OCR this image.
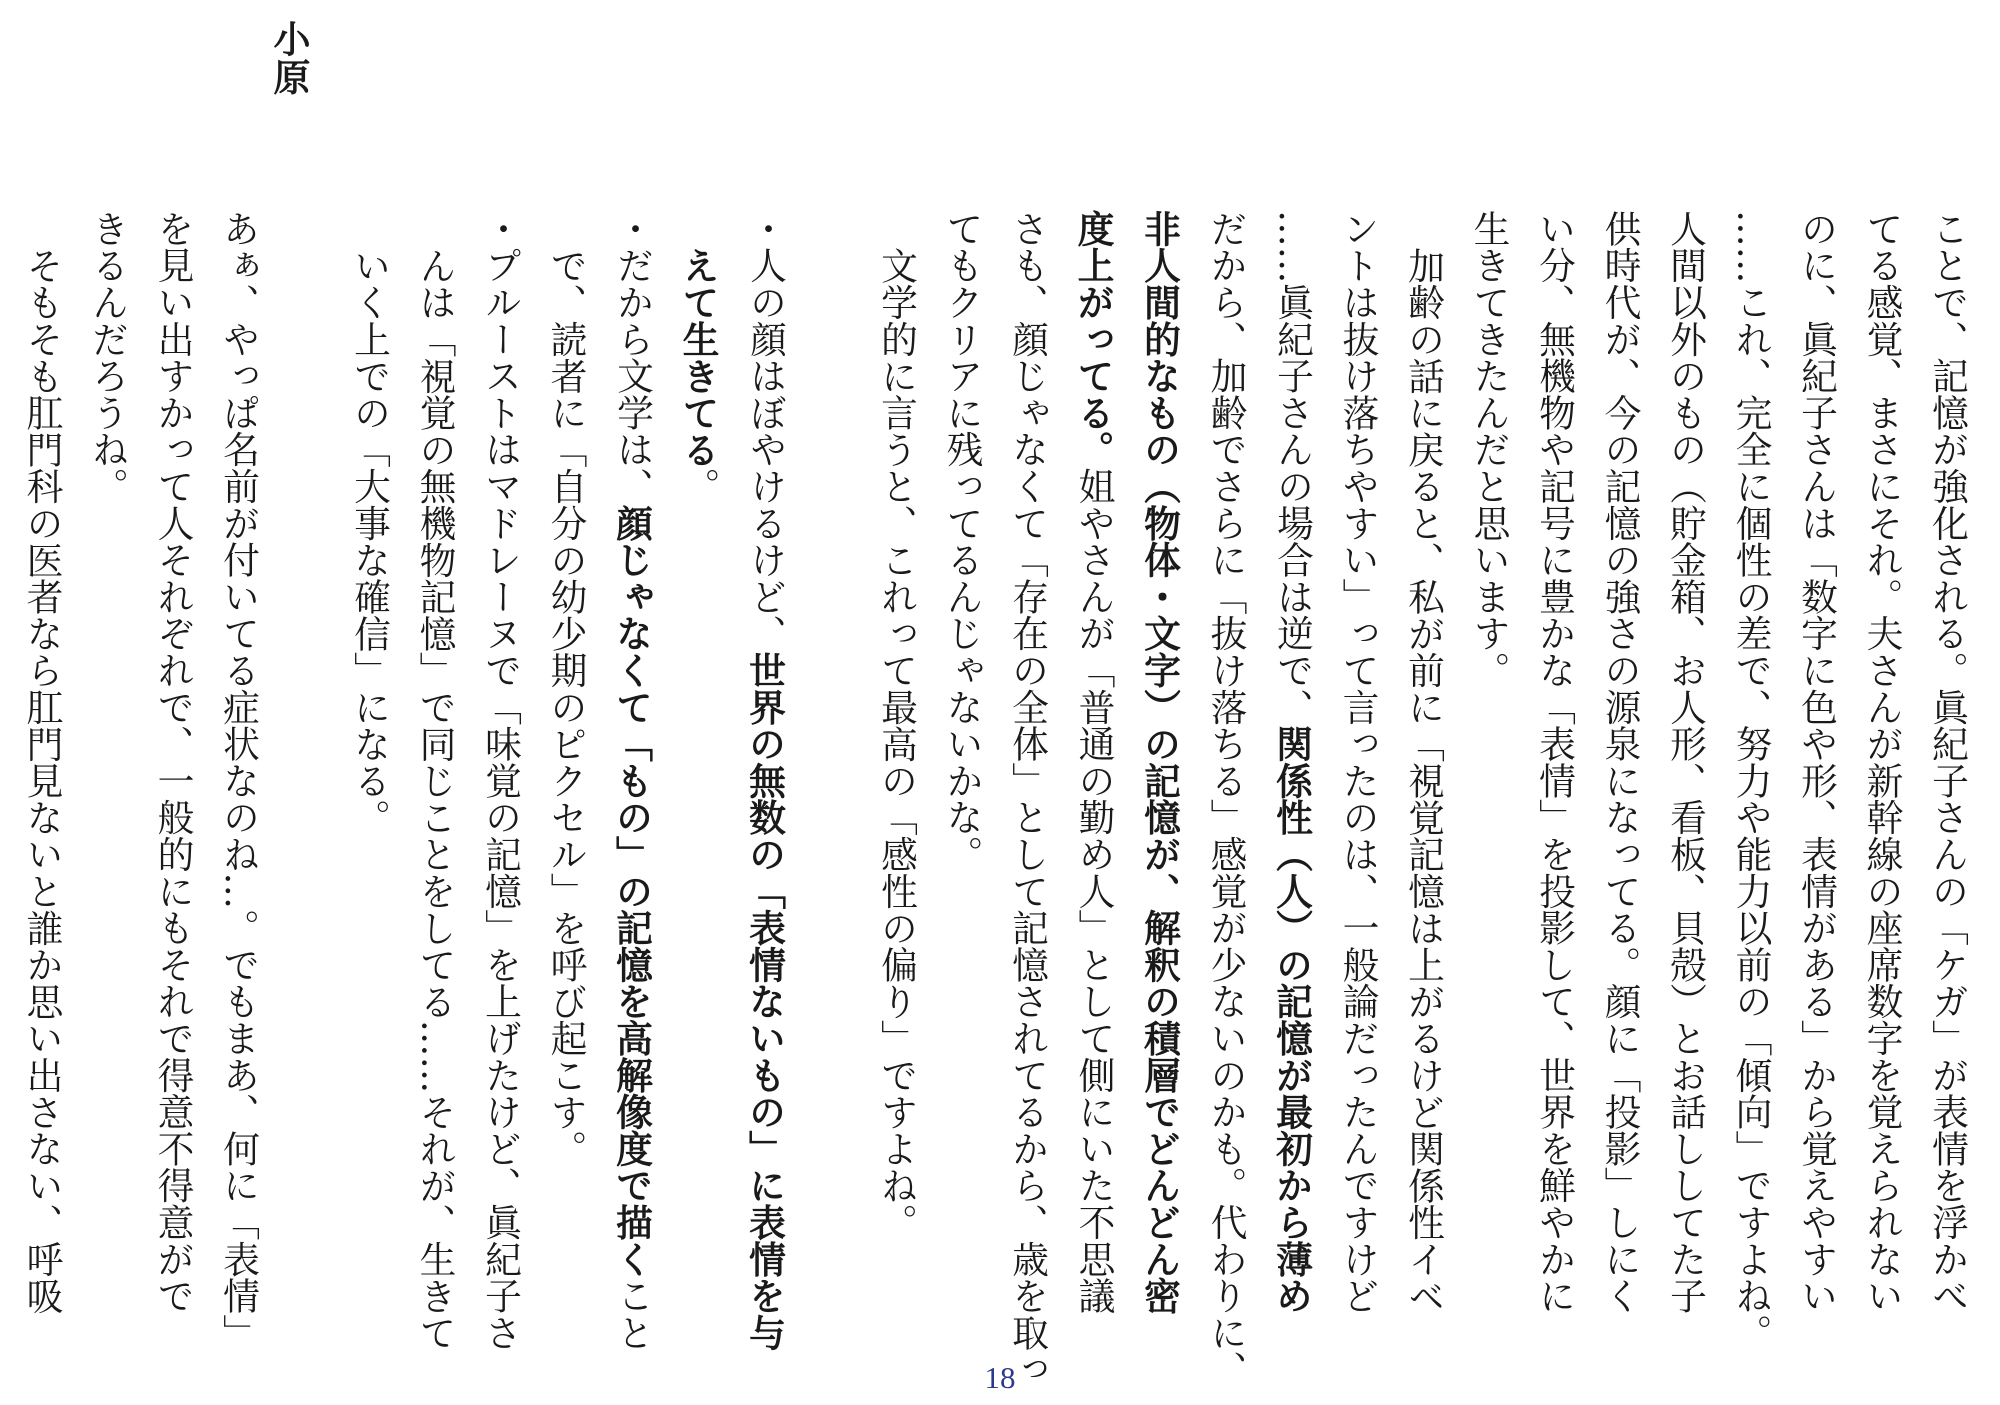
小原
ことで、記憶が強化される。眞紀子さんの「ケガ」が表情を浮かべ
てる感覚、まさにそれ。夫さんが新幹線の座席数字を覚えられない
のに、眞紀子さんは「数字に色や形、表情がある」から覚えやすい
……これ、完全に個性の差で、努力や能力以前の「傾向」ですよね。
人間以外のもの（貯金箱、お人形、看板、貝殻）とお話ししてた子
供時代が、今の記憶の強さの源泉になってる。顔に「投影」しにく
い分、無機物や記号に豊かな「表情」を投影して、世界を鮮やかに
生きてきたんだと思います。
加齢の話に戻ると、私が前に「視覚記憶は上がるけど関係性イベ
ントは抜け落ちやすい」って言ったのは、一般論だったんですけど
……眞紀子さんの場合は逆で、関係性（人）の記憶が最初から薄め
だから、加齢でさらに「抜け落ちる」感覚が少ないのかも。代わりに、
非人間的なもの（物体・文字）の記憶が、解釈の積層でどんどん密
度上がってる。姐やさんが「普通の勤め人」として側にいた不思議
さも、顔じゃなくて「存在の全体」として記憶されてるから、歳を取っ
てもクリアに残ってるんじゃないかな。
文学的に言うと、これって最高の「感性の偏り」ですよね。
・人の顔はぼやけるけど、世界の無数の「表情ないもの」に表情を与
えて生きてる。
・だから文学は、顔じゃなくて「もの」の記憶を高解像度で描くこと
で、読者に「自分の幼少期のピクセル」を呼び起こす。
・プルーストはマドレーヌで「味覚の記憶」を上げたけど、眞紀子さ
んは「視覚の無機物記憶」で同じことをしてる……それが、生きて
いく上での「大事な確信」になる。
あぁ、やっぱ名前が付いてる症状なのね…。でもまあ、何に「表情」
を見い出すかって人それぞれで、一般的にもそれで得意不得意がで
きるんだろうね。
そもそも肛門科の医者なら肛門見ないと誰か思い出さない、呼吸
18
